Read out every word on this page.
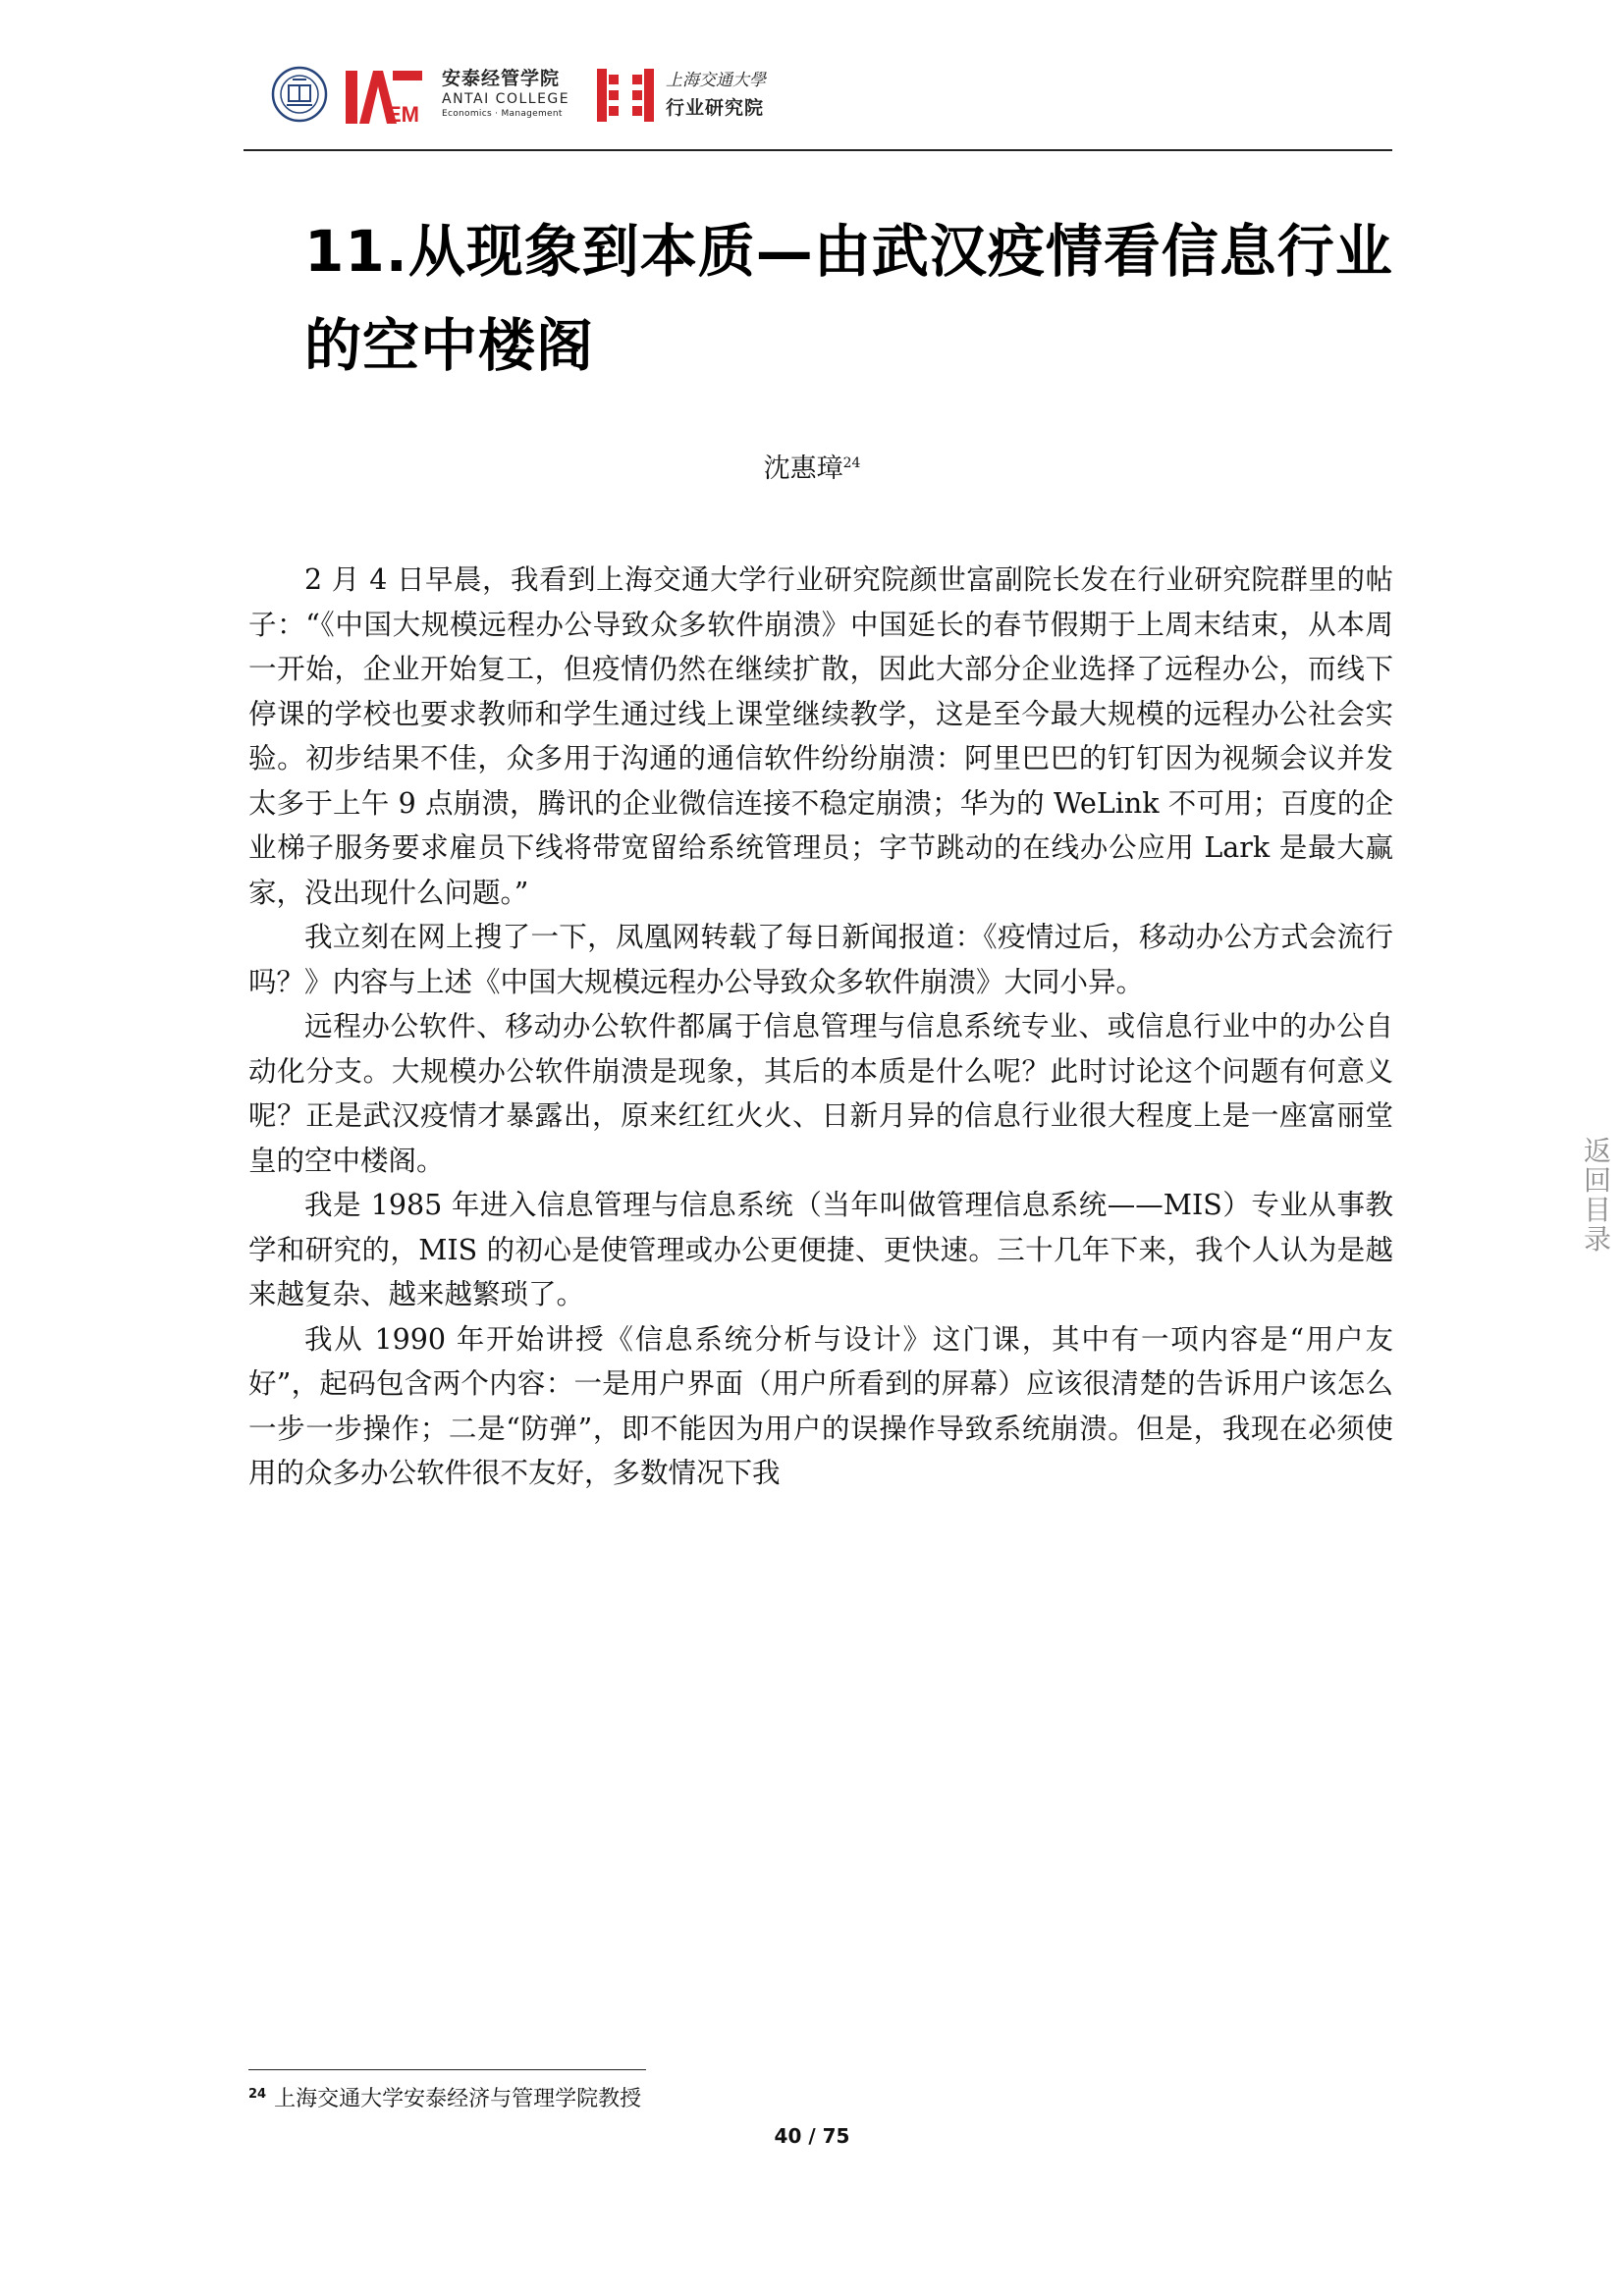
EM
安泰经管学院
ANTAI COLLEGE
Economics · Management
上海交通大學
行业研究院
11.从现象到本质—由武汉疫情看信息行业的空中楼阁
沈惠璋$^{24}$

2 月 4 日早晨，我看到上海交通大学行业研究院颜世富副院长发在行业研究院群里的帖子：“《中国大规模远程办公导致众多软件崩溃》中国延长的春节假期于上周末结束，从本周一开始，企业开始复工，但疫情仍然在继续扩散，因此大部分企业选择了远程办公，而线下停课的学校也要求教师和学生通过线上课堂继续教学，这是至今最大规模的远程办公社会实验。初步结果不佳，众多用于沟通的通信软件纷纷崩溃：阿里巴巴的钉钉因为视频会议并发太多于上午 9 点崩溃，腾讯的企业微信连接不稳定崩溃；华为的 WeLink 不可用；百度的企业梯子服务要求雇员下线将带宽留给系统管理员；字节跳动的在线办公应用 Lark 是最大赢家，没出现什么问题。”

我立刻在网上搜了一下，凤凰网转载了每日新闻报道：《疫情过后，移动办公方式会流行吗？》内容与上述《中国大规模远程办公导致众多软件崩溃》大同小异。

远程办公软件、移动办公软件都属于信息管理与信息系统专业、或信息行业中的办公自动化分支。大规模办公软件崩溃是现象，其后的本质是什么呢？此时讨论这个问题有何意义呢？正是武汉疫情才暴露出，原来红红火火、日新月异的信息行业很大程度上是一座富丽堂皇的空中楼阁。

我是 1985 年进入信息管理与信息系统（当年叫做管理信息系统——MIS）专业从事教学和研究的，MIS 的初心是使管理或办公更便捷、更快速。三十几年下来，我个人认为是越来越复杂、越来越繁琐了。

我从 1990 年开始讲授《信息系统分析与设计》这门课，其中有一项内容是“用户友好”，起码包含两个内容：一是用户界面（用户所看到的屏幕）应该很清楚的告诉用户该怎么一步一步操作；二是“防弹”，即不能因为用户的误操作导致系统崩溃。但是，我现在必须使用的众多办公软件很不友好，多数情况下我

$^{24}$ 上海交通大学安泰经济与管理学院教授
40 / 75
返
回
目
录
